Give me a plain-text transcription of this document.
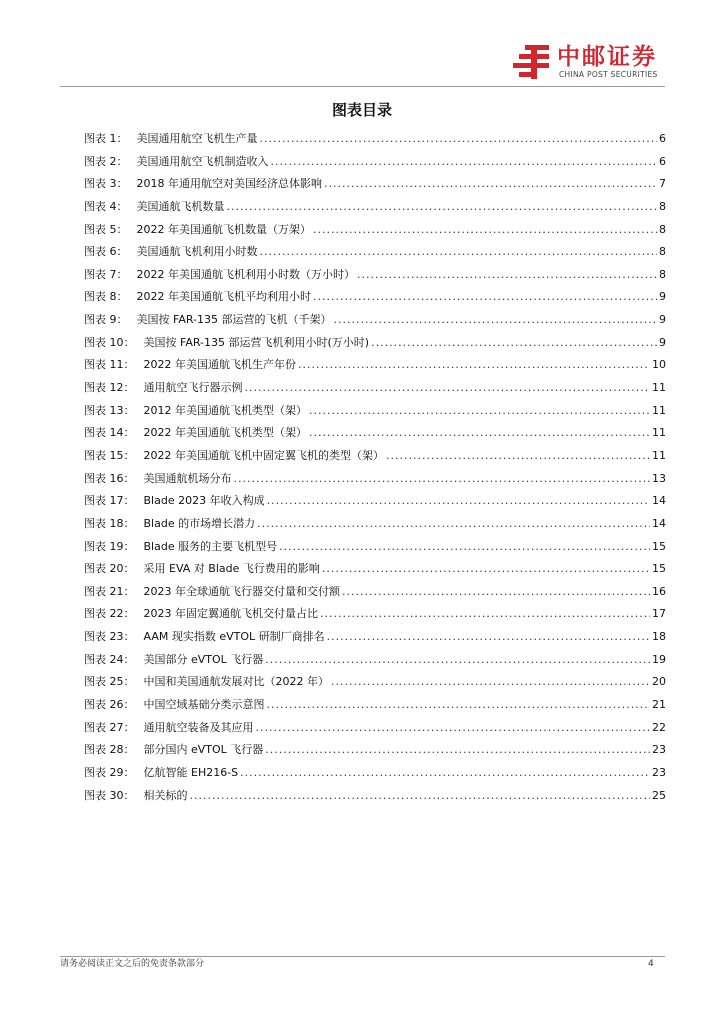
中邮证券
CHINA POST SECURITIES
图表目录
图表 1： 美国通用航空飞机生产量 .....	6
图表 2： 美国通用航空飞机制造收入 .....	6
图表 3： 2018 年通用航空对美国经济总体影响 .....	7
图表 4： 美国通航飞机数量 .....	8
图表 5： 2022 年美国通航飞机数量（万架） .....	8
图表 6： 美国通航飞机利用小时数 .....	8
图表 7： 2022 年美国通航飞机利用小时数（万小时） .....	8
图表 8： 2022 年美国通航飞机平均利用小时 .....	9
图表 9： 美国按 FAR-135 部运营的飞机（千架） .....	9
图表 10： 美国按 FAR-135 部运营飞机利用小时(万小时) .....	9
图表 11： 2022 年美国通航飞机生产年份 .....	10
图表 12： 通用航空飞行器示例 .....	11
图表 13： 2012 年美国通航飞机类型（架） .....	11
图表 14： 2022 年美国通航飞机类型（架） .....	11
图表 15： 2022 年美国通航飞机中固定翼飞机的类型（架） .....	11
图表 16： 美国通航机场分布 .....	13
图表 17： Blade 2023 年收入构成 .....	14
图表 18： Blade 的市场增长潜力 .....	14
图表 19： Blade 服务的主要飞机型号 .....	15
图表 20： 采用 EVA 对 Blade 飞行费用的影响 .....	15
图表 21： 2023 年全球通航飞行器交付量和交付额 .....	16
图表 22： 2023 年固定翼通航飞机交付量占比 .....	17
图表 23： AAM 现实指数 eVTOL 研制厂商排名 .....	18
图表 24： 美国部分 eVTOL 飞行器 .....	19
图表 25： 中国和美国通航发展对比（2022 年） .....	20
图表 26： 中国空域基础分类示意图 .....	21
图表 27： 通用航空装备及其应用 .....	22
图表 28： 部分国内 eVTOL 飞行器 .....	23
图表 29： 亿航智能 EH216-S .....	23
图表 30： 相关标的 .....	25
请务必阅读正文之后的免责条款部分	4
